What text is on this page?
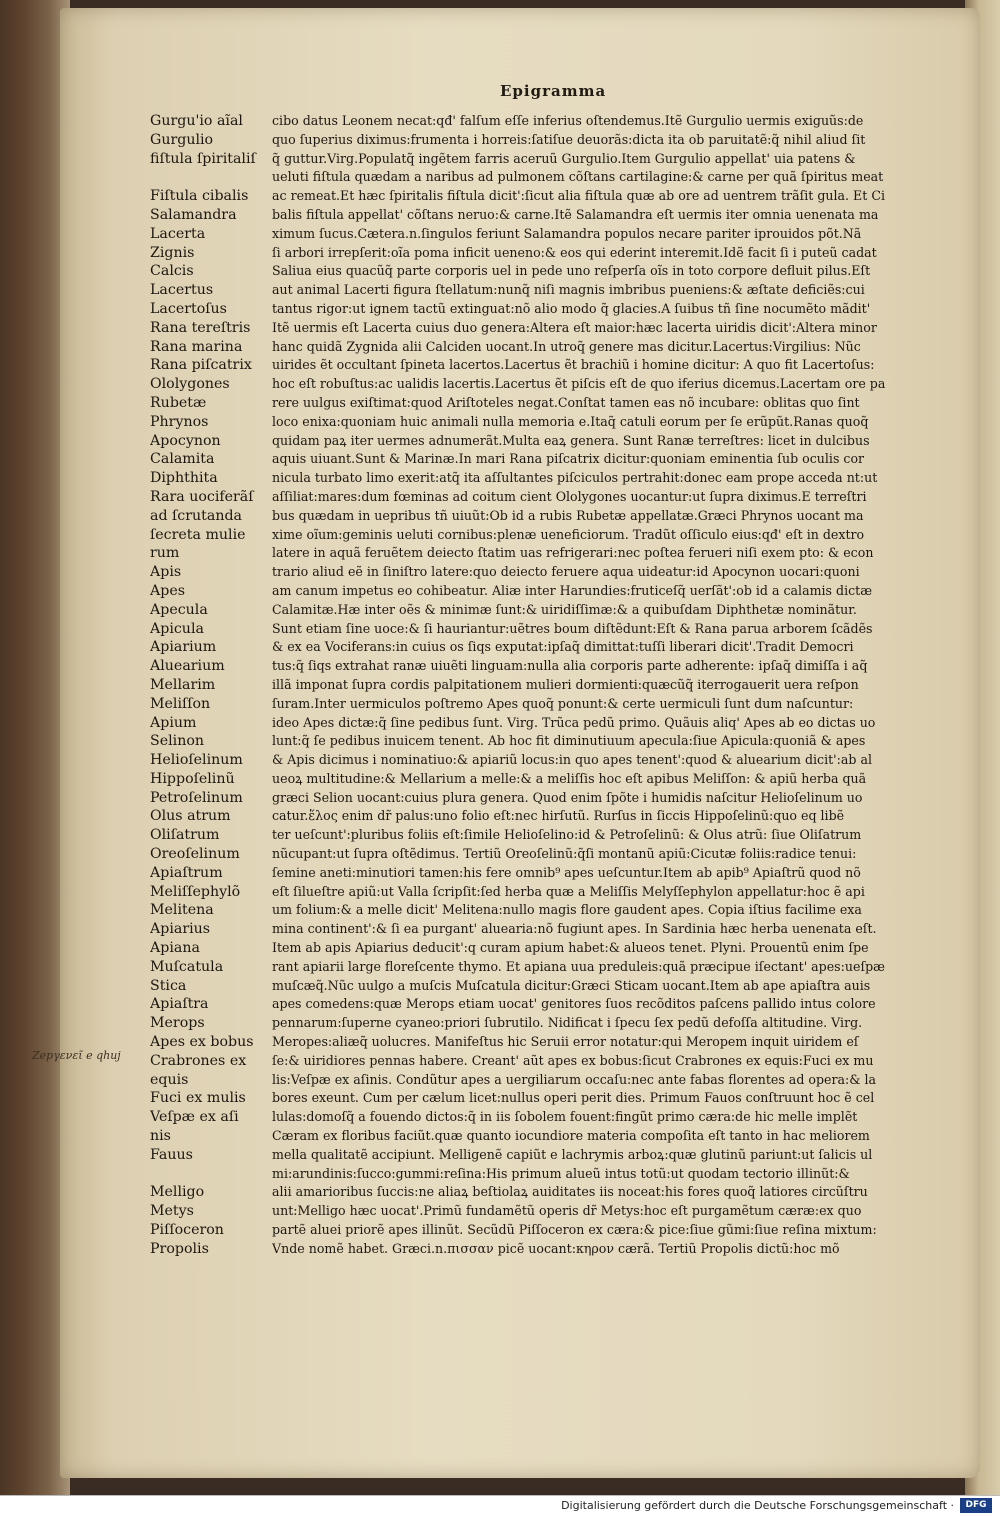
Epigramma
Zepγενεῖ e qhuj
Gurgu'io aĩal
Gurgulio
fiſtula ſpiritaliſ
Fiſtula cibalis
Salamandra
Lacerta
Zignis
Calcis
Lacertus
Lacertoſus
Rana tereſtris
Rana marina
Rana piſcatrix
Ololygones
Rubetæ
Phrynos
Apocynon
Calamita
Diphthita
Rara uociferãſ
ad ſcrutanda
ſecreta mulie
rum
Apis
Apes
Apecula
Apicula
Apiarium
Aluearium
Mellarim
Meliſſon
Apium
Selinon
Helioſelinum
Hippoſelinũ
Petroſelinum
Olus atrum
Oliſatrum
Oreoſelinum
Apiaſtrum
Meliſſephylõ
Melitena
Apiarius
Apiana
Muſcatula
Stica
Apiaſtra
Merops
Apes ex bobus
Crabrones ex
equis
Fuci ex mulis
Veſpæ ex aſi
nis
Fauus
Melligo
Metys
Piſſoceron
Propolis
cibo datus Leonem necat:qđ' falſum eſſe inferius oſtendemus.Itẽ Gurgulio uermis exiguũs:de
quo ſuperius diximus:frumenta i horreis:ſatiſue deuorãs:dicta ita ob paruitatẽ:q̃ nihil aliud ſit
q̃ guttur.Virg.Populatq̃ ingẽtem farris aceruũ Gurgulio.Item Gurgulio appellat' uia patens &
ueluti fiſtula quædam a naribus ad pulmonem cõſtans cartilagine:& carne per quã ſpiritus meat
ac remeat.Et hæc ſpiritalis fiſtula dicit':ſicut alia fiſtula quæ ab ore ad uentrem trãſit gula. Et Ci
balis fiſtula appellat' cõſtans neruo:& carne.Itẽ Salamandra eſt uermis iter omnia uenenata ma
ximum ſucus.Cætera.n.ſingulos feriunt Salamandra populos necare pariter iprouidos põt.Nã
ſi arbori irrepſerit:oĩa poma inficit ueneno:& eos qui ederint interemit.Idẽ facit ſi i puteũ cadat
Saliua eius quacũq̃ parte corporis uel in pede uno reſperſa oĩs in toto corpore defluit pilus.Eſt
aut animal Lacerti figura ſtellatum:nunq̃ niſi magnis imbribus pueniens:& æſtate deficiẽs:cui
tantus rigor:ut ignem tactũ extinguat:nõ alio modo q̃ glacies.A ſuibus tñ ſine nocumẽto mãdit'
Itẽ uermis eſt Lacerta cuius duo genera:Altera eſt maior:hæc lacerta uiridis dicit':Altera minor
hanc quidã Zygnida alii Calciden uocant.In utroq̃ genere mas dicitur.Lacertus:Virgilius: Nũc
uirides ẽt occultant ſpineta lacertos.Lacertus ẽt brachiũ i homine dicitur: A quo fit Lacertoſus:
hoc eſt robuſtus:ac ualidis lacertis.Lacertus ẽt piſcis eſt de quo iferius dicemus.Lacertam ore pa
rere uulgus exiſtimat:quod Ariſtoteles negat.Conſtat tamen eas nõ incubare: oblitas quo ſint
loco enixa:quoniam huic animali nulla memoria e.Itaq̃ catuli eorum per ſe erũpũt.Ranas quoq̃
quidam paꝝ iter uermes adnumerãt.Multa eaꝝ genera. Sunt Ranæ terreſtres: licet in dulcibus
aquis uiuant.Sunt & Marinæ.In mari Rana piſcatrix dicitur:quoniam eminentia ſub oculis cor
nicula turbato limo exerit:atq̃ ita aſſultantes piſciculos pertrahit:donec eam prope acceda nt:ut
aſſiliat:mares:dum fœminas ad coitum cient Ololygones uocantur:ut ſupra diximus.E terreſtri
bus quædam in uepribus tñ uiuũt:Ob id a rubis Rubetæ appellatæ.Græci Phrynos uocant ma
xime oĩum:geminis ueluti cornibus:plenæ ueneficiorum. Tradũt oſſiculo eius:qđ' eſt in dextro
latere in aquã feruẽtem deiecto ſtatim uas refrigerari:nec poſtea ferueri niſi exem pto: & econ
trario aliud eẽ in ſiniſtro latere:quo deiecto feruere aqua uideatur:id Apocynon uocari:quoni
am canum impetus eo cohibeatur. Aliæ inter Harundies:fruticeſq̃ uerſãt':ob id a calamis dictæ
Calamitæ.Hæ inter oẽs & minimæ ſunt:& uiridiſſimæ:& a quibuſdam Diphthetæ nominãtur.
Sunt etiam ſine uoce:& ſi hauriantur:uẽtres boum diſtẽdunt:Eſt & Rana parua arborem ſcãdẽs
& ex ea Vociferans:in cuius os ſiqs exputat:ipſaq̃ dimittat:tuſſi liberari dicit'.Tradit Democri
tus:q̃ ſiqs extrahat ranæ uiuẽti linguam:nulla alia corporis parte adherente: ipſaq̃ dimiſſa i aq̃
illã imponat ſupra cordis palpitationem mulieri dormienti:quæcũq̃ iterrogauerit uera reſpon
ſuram.Inter uermiculos poſtremo Apes quoq̃ ponunt:& certe uermiculi ſunt dum naſcuntur:
ideo Apes dictæ:q̃ ſine pedibus ſunt. Virg. Trũca pedũ primo. Quãuis aliq' Apes ab eo dictas uo
lunt:q̃ ſe pedibus inuicem tenent. Ab hoc fit diminutiuum apecula:ſiue Apicula:quoniã & apes
& Apis dicimus i nominatiuo:& apiariũ locus:in quo apes tenent':quod & aluearium dicit':ab al
ueoꝝ multitudine:& Mellarium a melle:& a meliſſis hoc eſt apibus Meliſſon: & apiũ herba quã
græci Selion uocant:cuius plura genera. Quod enim ſpõte i humidis naſcitur Helioſelinum uo
catur.ἕλος enim dr̃ palus:uno folio eſt:nec hirſutũ. Rurſus in ſiccis Hippoſelinũ:quo eq libẽ
ter ueſcunt':pluribus foliis eſt:ſimile Helioſelino:id & Petroſelinũ: & Olus atrũ: ſiue Oliſatrum
nũcupant:ut ſupra oſtẽdimus. Tertiũ Oreoſelinũ:q̃ſi montanũ apiũ:Cicutæ foliis:radice tenui:
ſemine aneti:minutiori tamen:his fere omnib⁹ apes ueſcuntur.Item ab apib⁹ Apiaſtrũ quod nõ
eſt ſilueſtre apiũ:ut Valla ſcripſit:ſed herba quæ a Meliſſis Melyſſephylon appellatur:hoc ẽ api
um folium:& a melle dicit' Melitena:nullo magis flore gaudent apes. Copia iſtius facilime exa
mina continent':& ſi ea purgant' aluearia:nõ fugiunt apes. In Sardinia hæc herba uenenata eſt.
Item ab apis Apiarius deducit':q curam apium habet:& alueos tenet. Plyni. Prouentũ enim ſpe
rant apiarii large floreſcente thymo. Et apiana uua preduleis:quã præcipue iſectant' apes:ueſpæ
muſcæq̃.Nũc uulgo a muſcis Muſcatula dicitur:Græci Sticam uocant.Item ab ape apiaſtra auis
apes comedens:quæ Merops etiam uocat' genitores ſuos recõditos paſcens pallido intus colore
pennarum:ſuperne cyaneo:priori ſubrutilo. Nidificat i ſpecu ſex pedũ defoſſa altitudine. Virg.
Meropes:aliæq̃ uolucres. Manifeſtus hic Seruii error notatur:qui Meropem inquit uiridem eſ
ſe:& uiridiores pennas habere. Creant' aũt apes ex bobus:ſicut Crabrones ex equis:Fuci ex mu
lis:Veſpæ ex aſinis. Condũtur apes a uergiliarum occaſu:nec ante fabas florentes ad opera:& la
bores exeunt. Cum per cælum licet:nullus operi perit dies. Primum Fauos conſtruunt hoc ẽ cel
lulas:domoſq̃ a fouendo dictos:q̃ in iis ſobolem fouent:fingũt primo cæra:de hic melle implẽt
Cæram ex floribus faciũt.quæ quanto iocundiore materia compoſita eſt tanto in hac meliorem
mella qualitatẽ accipiunt. Melligenẽ capiũt e lachrymis arboꝝ:quæ glutinũ pariunt:ut ſalicis ul
mi:arundinis:ſucco:gummi:reſina:His primum alueũ intus totũ:ut quodam tectorio illinũt:&
alii amarioribus ſuccis:ne aliaꝝ beſtiolaꝝ auiditates iis noceat:his fores quoq̃ latiores circũſtru
unt:Melligo hæc uocat'.Primũ fundamẽtũ operis dr̃ Metys:hoc eſt purgamẽtum cæræ:ex quo
partẽ aluei priorẽ apes illinũt. Secũdũ Piſſoceron ex cæra:& pice:ſiue gũmi:ſiue reſina mixtum:
Vnde nomẽ habet. Græci.n.πισσαν picẽ uocant:κηρον cærã. Tertiũ Propolis dictũ:hoc mõ
Digitalisierung gefördert durch die Deutsche Forschungsgemeinschaft ·	DFG
